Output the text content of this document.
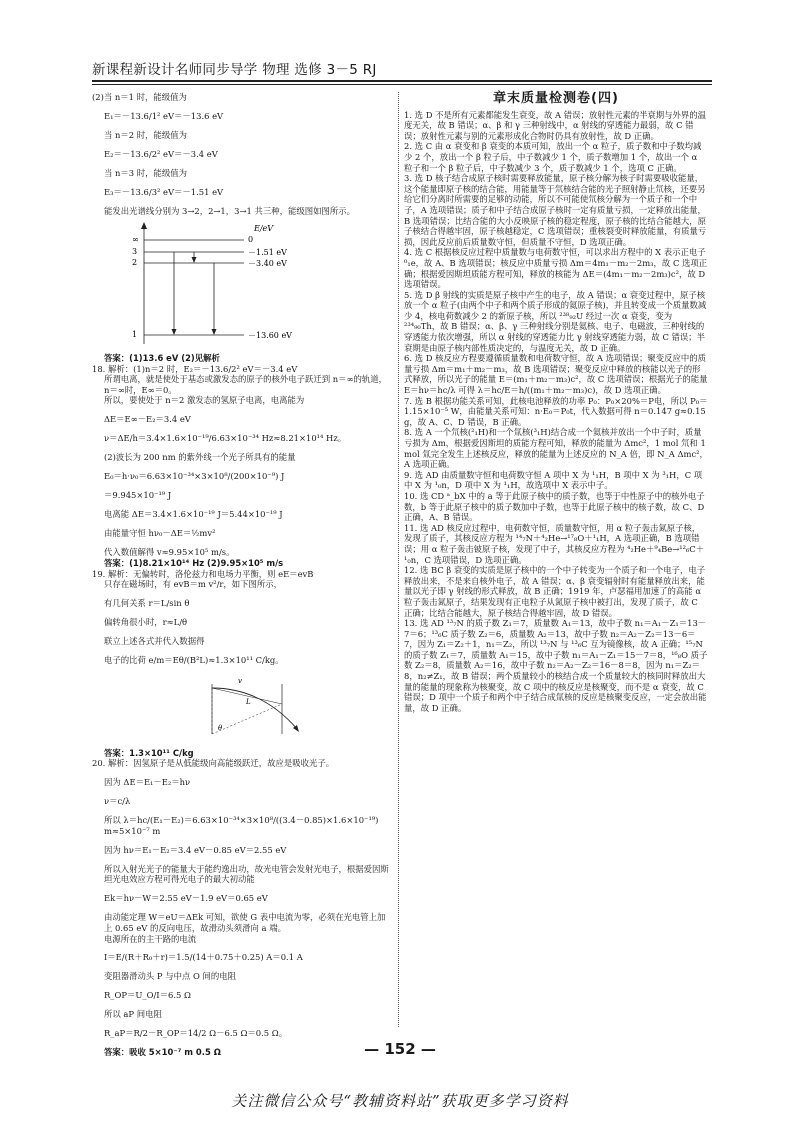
新课程新设计名师同步导学 物理 选修 3－5 RJ

(2)当 n＝1 时，能级值为

E₁＝－13.6/1² eV＝－13.6 eV

当 n＝2 时，能级值为

E₂＝－13.6/2² eV＝－3.4 eV

当 n＝3 时，能级值为

E₃＝－13.6/3² eV＝－1.51 eV

能发出光谱线分别为 3→2，2→1，3→1 共三种，能级图如图所示。

E/eV
∞	0
3	－1.51 eV
2	－3.40 eV
1	－13.60 eV

答案：(1)13.6 eV (2)见解析

18. 解析：(1)n＝2 时，E₂＝－13.6/2² eV＝－3.4 eV

所谓电离，就是使处于基态或激发态的原子的核外电子跃迁到 n＝∞的轨道，n＝∞时，E∞＝0。

所以，要使处于 n＝2 激发态的氢原子电离，电离能为

ΔE＝E∞－E₂＝3.4 eV

ν＝ΔE/h＝3.4×1.6×10⁻¹⁹/6.63×10⁻³⁴ Hz≈8.21×10¹⁴ Hz。

(2)波长为 200 nm 的紫外线一个光子所具有的能量

E₀＝h·ν₀＝6.63×10⁻³⁴×3×10⁸/(200×10⁻⁹) J

＝9.945×10⁻¹⁹ J

电离能 ΔE＝3.4×1.6×10⁻¹⁹ J＝5.44×10⁻¹⁹ J

由能量守恒 hν₀－ΔE＝½mv²

代入数值解得 v≈9.95×10⁵ m/s。

答案：(1)8.21×10¹⁴ Hz (2)9.95×10⁵ m/s

19. 解析：无偏转时，洛伦兹力和电场力平衡，则 eE＝evB

只存在磁场时，有 evB＝m v²/r，如下图所示，

有几何关系 r＝L/sin θ

偏转角很小时，r≈L/θ

联立上述各式并代入数据得

电子的比荷 e/m＝Eθ/(B²L)≈1.3×10¹¹ C/kg。

v
L
θ

答案：1.3×10¹¹ C/kg

20. 解析：因氢原子是从低能级向高能级跃迁，故应是吸收光子。

因为 ΔE＝E₁－E₂＝hν

ν＝c/λ

所以 λ＝hc/(E₁－E₂)＝6.63×10⁻³⁴×3×10⁸/((3.4－0.85)×1.6×10⁻¹⁹) m≈5×10⁻⁷ m

因为 hν＝E₁－E₂＝3.4 eV－0.85 eV＝2.55 eV

所以入射光光子的能量大于能约逸出功，故光电管会发射光电子，根据爱因斯坦光电效应方程可得光电子的最大初动能

Ek＝hν－W＝2.55 eV－1.9 eV＝0.65 eV

由动能定理 W＝eU＝ΔEk 可知，欲使 G 表中电流为零，必须在光电管上加上 0.65 eV 的反向电压，故滑动头须滑向 a 端。

电源所在的主干路的电流

I＝E/(R＋R₀＋r)＝1.5/(14＋0.75＋0.25) A＝0.1 A

变阻器滑动头 P 与中点 O 间的电阻

R_OP＝U_O/I＝6.5 Ω

所以 aP 间电阻

R_aP＝R/2－R_OP＝14/2 Ω－6.5 Ω＝0.5 Ω。

答案：吸收 5×10⁻⁷ m 0.5 Ω

章末质量检测卷(四)

1. 选 D 不是所有元素都能发生衰变，故 A 错误；放射性元素的半衰期与外界的温度无关，故 B 错误；α、β 和 γ 三种射线中，α 射线的穿透能力最弱，故 C 错误；放射性元素与别的元素形成化合物时仍具有放射性，故 D 正确。

2. 选 C 由 α 衰变和 β 衰变的本质可知，放出一个 α 粒子，质子数和中子数均减少 2 个，放出一个 β 粒子后，中子数减少 1 个，质子数增加 1 个，故出一个 α 粒子和一个 β 粒子后，中子数减少 3 个，质子数减少 1 个，选项 C 正确。

3. 选 D 核子结合成原子核时需要释放能量，原子核分解为核子时需要吸收能量，这个能量即原子核的结合能，用能量等于氘核结合能的光子照射静止氘核，还要另给它们分离时所需要的足够的动能，所以不可能使氘核分解为一个质子和一个中子，A 选项错误；质子和中子结合成原子核时一定有质量亏损，一定释放出能量，B 选项错误；比结合能的大小反映原子核的稳定程度，原子核的比结合能越大，原子核结合得越牢固，原子核越稳定，C 选项错误；重核裂变时释放能量，有质量亏损，因此反应前后质量数守恒，但质量不守恒，D 选项正确。

4. 选 C 根据核反应过程中质量数与电荷数守恒，可以求出方程中的 X 表示正电子 ⁰₁e，故 A、B 选项错误；核反应中质量亏损 Δm＝4m₁－m₂－2m₃，故 C 选项正确；根据爱因斯坦质能方程可知，释放的核能为 ΔE＝(4m₁－m₂－2m₃)c²，故 D 选项错误。

5. 选 D β 射线的实质是原子核中产生的电子，故 A 错误；α 衰变过程中，原子核放一个 α 粒子(由两个中子和两个质子形成的氦原子核)，并且转变成一个质量数减少 4，核电荷数减少 2 的新原子核，所以 ²³⁸₉₂U 经过一次 α 衰变，变为 ²³⁴₉₀Th，故 B 错误；α、β、γ 三种射线分别是氦核、电子、电磁波，三种射线的穿透能力依次增强，所以 α 射线的穿透能力比 γ 射线穿透能力弱，故 C 错误；半衰期是由原子核内部性质决定的，与温度无关，故 D 正确。

6. 选 D 核反应方程要遵循质量数和电荷数守恒，故 A 选项错误；聚变反应中的质量亏损 Δm＝m₁＋m₂－m₃，故 B 选项错误；聚变反应中释放的核能以光子的形式释放，所以光子的能量 E＝(m₁＋m₂－m₃)c²，故 C 选项错误；根据光子的能量 E＝hν＝hc/λ 可得 λ＝hc/E＝h/((m₁＋m₂－m₃)c)，故 D 选项正确。

7. 选 B 根据功能关系可知，此核电池释放的功率 P₀：P₀×20%＝P电，所以 P₀＝1.15×10⁻⁵ W，由能量关系可知：n·E₀＝P₀t，代入数据可得 n＝0.147 g≈0.15 g，故 A、C、D 错误，B 正确。

8. 选 A 一个氘核(²₁H)和一个氚核(³₁H)结合成一个氦核并放出一个中子时，质量亏损为 Δm，根据爱因斯坦的质能方程可知，释放的能量为 Δmc²，1 mol 氘和 1 mol 氚完全发生上述核反应，释放的能量为上述反应的 N_A 倍，即 N_A Δmc²，A 选项正确。

9. 选 AD 由质量数守恒和电荷数守恒 A 项中 X 为 ¹₁H，B 项中 X 为 ³₁H，C 项中 X 为 ¹₀n，D 项中 X 为 ¹₁H，故选项中 X 表示中子。

10. 选 CD ᵃ_bX 中的 a 等于此原子核中的质子数，也等于中性原子中的核外电子数，b 等于此原子核中的质子数加中子数，也等于此原子核中的核子数，故 C、D 正确，A、B 错误。

11. 选 AD 核反应过程中，电荷数守恒，质量数守恒，用 α 粒子轰击氮原子核，发现了质子，其核反应方程为 ¹⁴₇N＋⁴₂He→¹⁷₈O＋¹₁H，A 选项正确，B 选项错误；用 α 粒子轰击铍原子核，发现了中子，其核反应方程为 ⁴₂He＋⁹₄Be→¹²₆C＋¹₀n，C 选项错误，D 选项正确。

12. 选 BC β 衰变的实质是原子核中的一个中子转变为一个质子和一个电子，电子释放出来，不是来自核外电子，故 A 错误；α、β 衰变辐射时有能量释放出来，能量以光子即 γ 射线的形式释放，故 B 正确；1919 年，卢瑟福用加速了的高能 α 粒子轰击氮原子，结果发现有正电粒子从氮原子核中被打出，发现了质子，故 C 正确；比结合能越大，原子核结合得越牢固，故 D 错误。

13. 选 AD ¹³₇N 的质子数 Z₁＝7，质量数 A₁＝13，故中子数 n₁＝A₁－Z₁＝13－7＝6；¹³₆C 质子数 Z₂＝6，质量数 A₂＝13，故中子数 n₂＝A₂－Z₂＝13－6＝7，因为 Z₁＝Z₂＋1，n₁＝Z₂，所以 ¹³₇N 与 ¹³₆C 互为镜像核，故 A 正确；¹⁵₇N 的质子数 Z₁＝7，质量数 A₁＝15，故中子数 n₁＝A₁－Z₁＝15－7＝8，¹⁶₈O 质子数 Z₂＝8，质量数 A₂＝16，故中子数 n₂＝A₂－Z₂＝16－8＝8，因为 n₁＝Z₂＝8，n₂≠Z₁，故 B 错误；两个质量较小的核结合成一个质量较大的核同时释放出大量的能量的现象称为核聚变，故 C 项中的核反应是核聚变，而不是 α 衰变，故 C 错误；D 项中一个质子和两个中子结合成氚核的反应是核聚变反应，一定会放出能量，故 D 正确。

— 152 —
关注微信公众号“教辅资料站”获取更多学习资料
